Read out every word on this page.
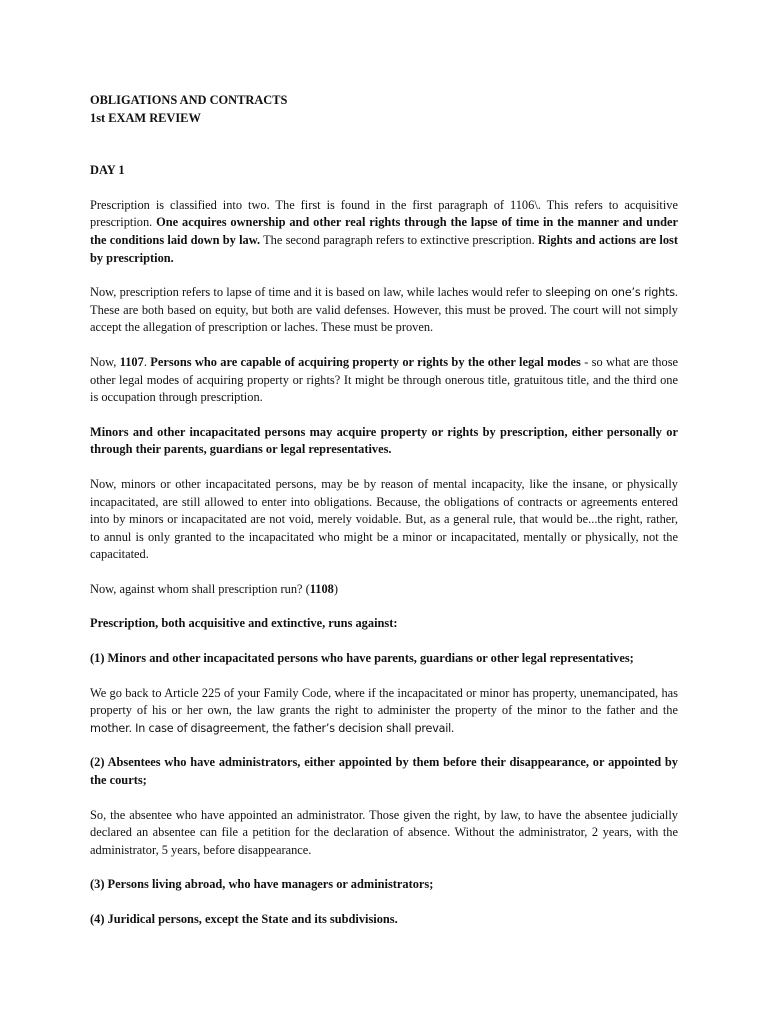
OBLIGATIONS AND CONTRACTS
1st EXAM REVIEW

DAY 1

Prescription is classified into two. The first is found in the first paragraph of 1106\. This refers to acquisitive prescription. One acquires ownership and other real rights through the lapse of time in the manner and under the conditions laid down by law. The second paragraph refers to extinctive prescription. Rights and actions are lost by prescription.

Now, prescription refers to lapse of time and it is based on law, while laches would refer to sleeping on one’s rights. These are both based on equity, but both are valid defenses. However, this must be proved. The court will not simply accept the allegation of prescription or laches. These must be proven.

Now, 1107. Persons who are capable of acquiring property or rights by the other legal modes - so what are those other legal modes of acquiring property or rights? It might be through onerous title, gratuitous title, and the third one is occupation through prescription.

Minors and other incapacitated persons may acquire property or rights by prescription, either personally or through their parents, guardians or legal representatives.

Now, minors or other incapacitated persons, may be by reason of mental incapacity, like the insane, or physically incapacitated, are still allowed to enter into obligations. Because, the obligations of contracts or agreements entered into by minors or incapacitated are not void, merely voidable. But, as a general rule, that would be...the right, rather, to annul is only granted to the incapacitated who might be a minor or incapacitated, mentally or physically, not the capacitated.

Now, against whom shall prescription run? (1108)

Prescription, both acquisitive and extinctive, runs against:

(1) Minors and other incapacitated persons who have parents, guardians or other legal representatives;

We go back to Article 225 of your Family Code, where if the incapacitated or minor has property, unemancipated, has property of his or her own, the law grants the right to administer the property of the minor to the father and the mother. In case of disagreement, the father’s decision shall prevail.

(2) Absentees who have administrators, either appointed by them before their disappearance, or appointed by the courts;

So, the absentee who have appointed an administrator. Those given the right, by law, to have the absentee judicially declared an absentee can file a petition for the declaration of absence. Without the administrator, 2 years, with the administrator, 5 years, before disappearance.

(3) Persons living abroad, who have managers or administrators;

(4) Juridical persons, except the State and its subdivisions.
